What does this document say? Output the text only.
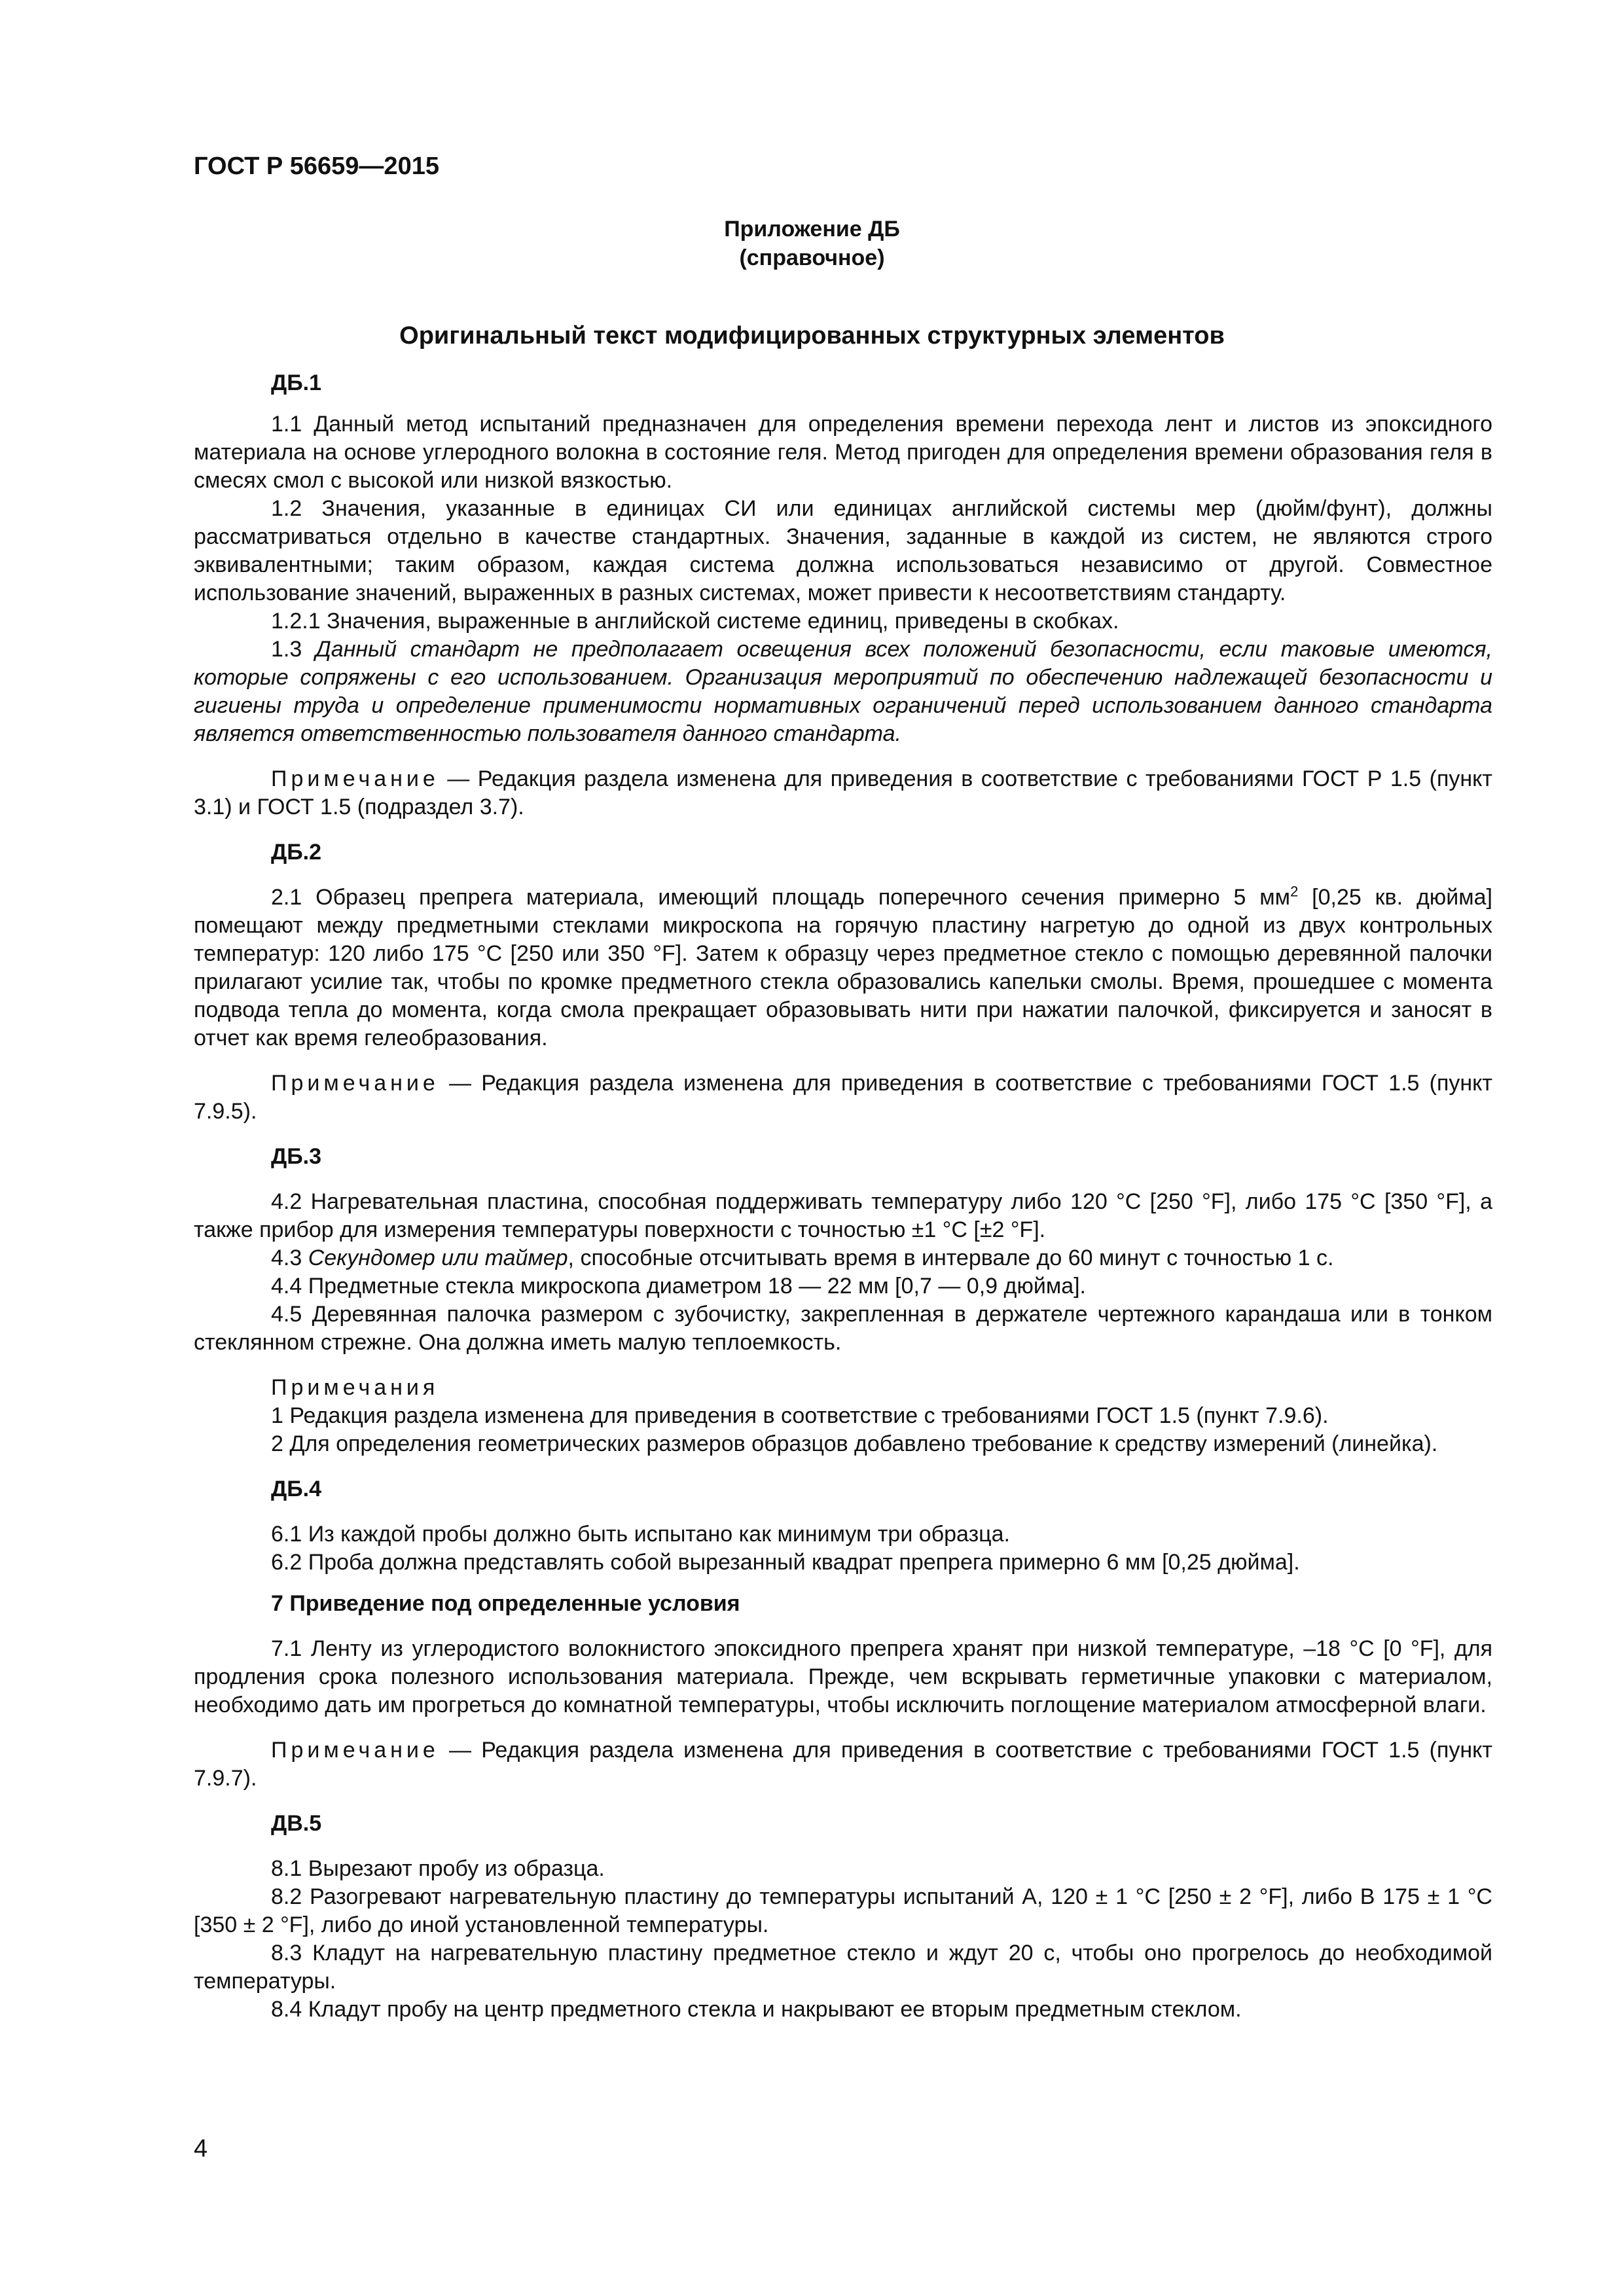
ГОСТ Р 56659—2015
Приложение ДБ
(справочное)
Оригинальный текст модифицированных структурных элементов
ДБ.1

1.1 Данный метод испытаний предназначен для определения времени перехода лент и листов из эпоксидного материала на основе углеродного волокна в состояние геля. Метод пригоден для определения времени образования геля в смесях смол с высокой или низкой вязкостью.

1.2 Значения, указанные в единицах СИ или единицах английской системы мер (дюйм/фунт), должны рассматриваться отдельно в качестве стандартных. Значения, заданные в каждой из систем, не являются строго эквивалентными; таким образом, каждая система должна использоваться независимо от другой. Совместное использование значений, выраженных в разных системах, может привести к несоответствиям стандарту.

1.2.1 Значения, выраженные в английской системе единиц, приведены в скобках.

1.3 Данный стандарт не предполагает освещения всех положений безопасности, если таковые имеются, которые сопряжены с его использованием. Организация мероприятий по обеспечению надлежащей безопасности и гигиены труда и определение применимости нормативных ограничений перед использованием данного стандарта является ответственностью пользователя данного стандарта.

Примечание — Редакция раздела изменена для приведения в соответствие с требованиями ГОСТ Р 1.5 (пункт 3.1) и ГОСТ 1.5 (подраздел 3.7).

ДБ.2

2.1 Образец препрега материала, имеющий площадь поперечного сечения примерно 5 $мм^2$ [0,25 кв. дюйма] помещают между предметными стеклами микроскопа на горячую пластину нагретую до одной из двух контрольных температур: 120 либо 175 °С [250 или 350 °F]. Затем к образцу через предметное стекло с помощью деревянной палочки прилагают усилие так, чтобы по кромке предметного стекла образовались капельки смолы. Время, прошедшее с момента подвода тепла до момента, когда смола прекращает образовывать нити при нажатии палочкой, фиксируется и заносят в отчет как время гелеобразования.

Примечание — Редакция раздела изменена для приведения в соответствие с требованиями ГОСТ 1.5 (пункт 7.9.5).

ДБ.3

4.2 Нагревательная пластина, способная поддерживать температуру либо 120 °С [250 °F], либо 175 °С [350 °F], а также прибор для измерения температуры поверхности с точностью ±1 °С [±2 °F].

4.3 Секундомер или таймер, способные отсчитывать время в интервале до 60 минут с точностью 1 с.

4.4 Предметные стекла микроскопа диаметром 18 — 22 мм [0,7 — 0,9 дюйма].

4.5 Деревянная палочка размером с зубочистку, закрепленная в держателе чертежного карандаша или в тонком стеклянном стрежне. Она должна иметь малую теплоемкость.

Примечания

1 Редакция раздела изменена для приведения в соответствие с требованиями ГОСТ 1.5 (пункт 7.9.6).

2 Для определения геометрических размеров образцов добавлено требование к средству измерений (линейка).

ДБ.4

6.1 Из каждой пробы должно быть испытано как минимум три образца.

6.2 Проба должна представлять собой вырезанный квадрат препрега примерно 6 мм [0,25 дюйма].

7 Приведение под определенные условия

7.1 Ленту из углеродистого волокнистого эпоксидного препрега хранят при низкой температуре, –18 °С [0 °F], для продления срока полезного использования материала. Прежде, чем вскрывать герметичные упаковки с материалом, необходимо дать им прогреться до комнатной температуры, чтобы исключить поглощение материалом атмосферной влаги.

Примечание — Редакция раздела изменена для приведения в соответствие с требованиями ГОСТ 1.5 (пункт 7.9.7).

ДВ.5

8.1 Вырезают пробу из образца.

8.2 Разогревают нагревательную пластину до температуры испытаний А, 120 ± 1 °С [250 ± 2 °F], либо В 175 ± 1 °С [350 ± 2 °F], либо до иной установленной температуры.

8.3 Кладут на нагревательную пластину предметное стекло и ждут 20 с, чтобы оно прогрелось до необходимой температуры.

8.4 Кладут пробу на центр предметного стекла и накрывают ее вторым предметным стеклом.

4
